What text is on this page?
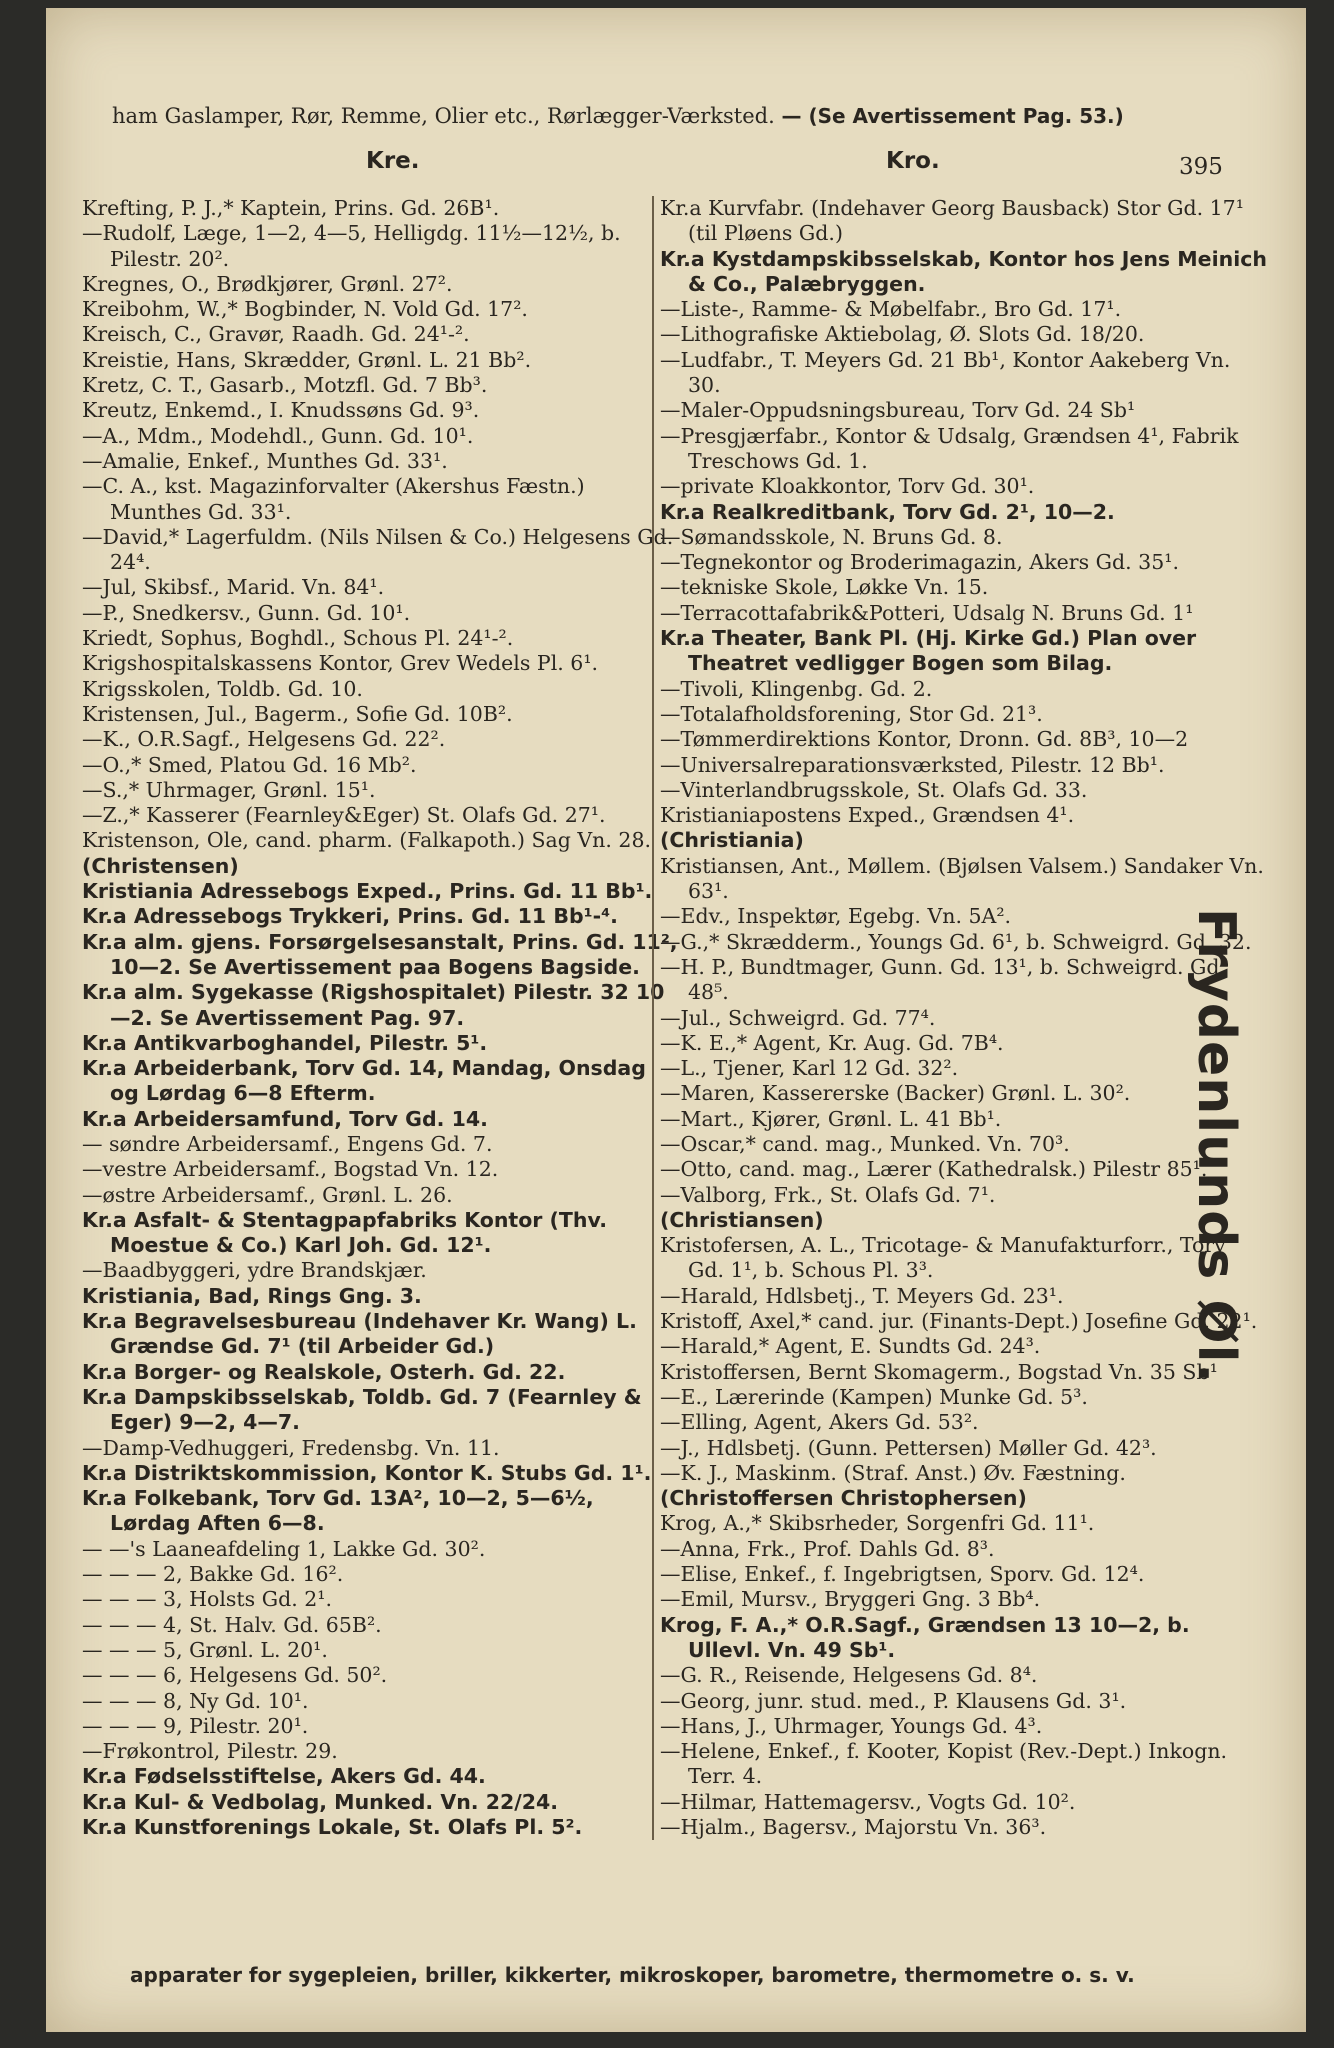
ham Gaslamper, Rør, Remme, Olier etc., Rørlægger-Værksted. — (Se Avertissement Pag. 53.)
Kre.	Kro.	395

Krefting, P. J.,* Kaptein, Prins. Gd. 26B¹.

—Rudolf, Læge, 1—2, 4—5, Helligdg. 11½—12½, b. Pilestr. 20².

Kregnes, O., Brødkjører, Grønl. 27².

Kreibohm, W.,* Bogbinder, N. Vold Gd. 17².

Kreisch, C., Gravør, Raadh. Gd. 24¹-².

Kreistie, Hans, Skrædder, Grønl. L. 21 Bb².

Kretz, C. T., Gasarb., Motzfl. Gd. 7 Bb³.

Kreutz, Enkemd., I. Knudssøns Gd. 9³.

—A., Mdm., Modehdl., Gunn. Gd. 10¹.

—Amalie, Enkef., Munthes Gd. 33¹.

—C. A., kst. Magazinforvalter (Akershus Fæstn.) Munthes Gd. 33¹.

—David,* Lagerfuldm. (Nils Nilsen & Co.) Helgesens Gd. 24⁴.

—Jul, Skibsf., Marid. Vn. 84¹.

—P., Snedkersv., Gunn. Gd. 10¹.

Kriedt, Sophus, Boghdl., Schous Pl. 24¹-².

Krigshospitalskassens Kontor, Grev Wedels Pl. 6¹.

Krigsskolen, Toldb. Gd. 10.

Kristensen, Jul., Bagerm., Sofie Gd. 10B².

—K., O.R.Sagf., Helgesens Gd. 22².

—O.,* Smed, Platou Gd. 16 Mb².

—S.,* Uhrmager, Grønl. 15¹.

—Z.,* Kasserer (Fearnley&Eger) St. Olafs Gd. 27¹.

Kristenson, Ole, cand. pharm. (Falkapoth.) Sag Vn. 28.

(Christensen)

Kristiania Adressebogs Exped., Prins. Gd. 11 Bb¹.

Kr.a Adressebogs Trykkeri, Prins. Gd. 11 Bb¹-⁴.

Kr.a alm. gjens. Forsørgelsesanstalt, Prins. Gd. 11², 10—2. Se Avertissement paa Bogens Bagside.

Kr.a alm. Sygekasse (Rigshospitalet) Pilestr. 32 10—2. Se Avertissement Pag. 97.

Kr.a Antikvarboghandel, Pilestr. 5¹.

Kr.a Arbeiderbank, Torv Gd. 14, Mandag, Onsdag og Lørdag 6—8 Efterm.

Kr.a Arbeidersamfund, Torv Gd. 14.

— søndre Arbeidersamf., Engens Gd. 7.

—vestre Arbeidersamf., Bogstad Vn. 12.

—østre Arbeidersamf., Grønl. L. 26.

Kr.a Asfalt- & Stentagpapfabriks Kontor (Thv. Moestue & Co.) Karl Joh. Gd. 12¹.

—Baadbyggeri, ydre Brandskjær.

Kristiania, Bad, Rings Gng. 3.

Kr.a Begravelsesbureau (Indehaver Kr. Wang) L. Grændse Gd. 7¹ (til Arbeider Gd.)

Kr.a Borger- og Realskole, Osterh. Gd. 22.

Kr.a Dampskibsselskab, Toldb. Gd. 7 (Fearnley & Eger) 9—2, 4—7.

—Damp-Vedhuggeri, Fredensbg. Vn. 11.

Kr.a Distriktskommission, Kontor K. Stubs Gd. 1¹.

Kr.a Folkebank, Torv Gd. 13A², 10—2, 5—6½, Lørdag Aften 6—8.

— —'s Laaneafdeling 1, Lakke Gd. 30².

— — — 2, Bakke Gd. 16².

— — — 3, Holsts Gd. 2¹.

— — — 4, St. Halv. Gd. 65B².

— — — 5, Grønl. L. 20¹.

— — — 6, Helgesens Gd. 50².

— — — 8, Ny Gd. 10¹.

— — — 9, Pilestr. 20¹.

—Frøkontrol, Pilestr. 29.

Kr.a Fødselsstiftelse, Akers Gd. 44.

Kr.a Kul- & Vedbolag, Munked. Vn. 22/24.

Kr.a Kunstforenings Lokale, St. Olafs Pl. 5².

Kr.a Kurvfabr. (Indehaver Georg Bausback) Stor Gd. 17¹ (til Pløens Gd.)

Kr.a Kystdampskibsselskab, Kontor hos Jens Meinich & Co., Palæbryggen.

—Liste-, Ramme- & Møbelfabr., Bro Gd. 17¹.

—Lithografiske Aktiebolag, Ø. Slots Gd. 18/20.

—Ludfabr., T. Meyers Gd. 21 Bb¹, Kontor Aakeberg Vn. 30.

—Maler-Oppudsningsbureau, Torv Gd. 24 Sb¹

—Presgjærfabr., Kontor & Udsalg, Grændsen 4¹, Fabrik Treschows Gd. 1.

—private Kloakkontor, Torv Gd. 30¹.

Kr.a Realkreditbank, Torv Gd. 2¹, 10—2.

—Sømandsskole, N. Bruns Gd. 8.

—Tegnekontor og Broderimagazin, Akers Gd. 35¹.

—tekniske Skole, Løkke Vn. 15.

—Terracottafabrik&Potteri, Udsalg N. Bruns Gd. 1¹

Kr.a Theater, Bank Pl. (Hj. Kirke Gd.) Plan over Theatret vedligger Bogen som Bilag.

—Tivoli, Klingenbg. Gd. 2.

—Totalafholdsforening, Stor Gd. 21³.

—Tømmerdirektions Kontor, Dronn. Gd. 8B³, 10—2

—Universalreparationsværksted, Pilestr. 12 Bb¹.

—Vinterlandbrugsskole, St. Olafs Gd. 33.

Kristianiapostens Exped., Grændsen 4¹.

(Christiania)

Kristiansen, Ant., Møllem. (Bjølsen Valsem.) Sandaker Vn. 63¹.

—Edv., Inspektør, Egebg. Vn. 5A².

—G.,* Skrædderm., Youngs Gd. 6¹, b. Schweigrd. Gd. 32.

—H. P., Bundtmager, Gunn. Gd. 13¹, b. Schweigrd. Gd. 48⁵.

—Jul., Schweigrd. Gd. 77⁴.

—K. E.,* Agent, Kr. Aug. Gd. 7B⁴.

—L., Tjener, Karl 12 Gd. 32².

—Maren, Kassererske (Backer) Grønl. L. 30².

—Mart., Kjører, Grønl. L. 41 Bb¹.

—Oscar,* cand. mag., Munked. Vn. 70³.

—Otto, cand. mag., Lærer (Kathedralsk.) Pilestr 85¹.

—Valborg, Frk., St. Olafs Gd. 7¹.

(Christiansen)

Kristofersen, A. L., Tricotage- & Manufakturforr., Torv Gd. 1¹, b. Schous Pl. 3³.

—Harald, Hdlsbetj., T. Meyers Gd. 23¹.

Kristoff, Axel,* cand. jur. (Finants-Dept.) Josefine Gd. 22¹.

—Harald,* Agent, E. Sundts Gd. 24³.

Kristoffersen, Bernt Skomagerm., Bogstad Vn. 35 Sb¹

—E., Lærerinde (Kampen) Munke Gd. 5³.

—Elling, Agent, Akers Gd. 53².

—J., Hdlsbetj. (Gunn. Pettersen) Møller Gd. 42³.

—K. J., Maskinm. (Straf. Anst.) Øv. Fæstning.

(Christoffersen Christophersen)

Krog, A.,* Skibsrheder, Sorgenfri Gd. 11¹.

—Anna, Frk., Prof. Dahls Gd. 8³.

—Elise, Enkef., f. Ingebrigtsen, Sporv. Gd. 12⁴.

—Emil, Mursv., Bryggeri Gng. 3 Bb⁴.

Krog, F. A.,* O.R.Sagf., Grændsen 13 10—2, b. Ullevl. Vn. 49 Sb¹.

—G. R., Reisende, Helgesens Gd. 8⁴.

—Georg, junr. stud. med., P. Klausens Gd. 3¹.

—Hans, J., Uhrmager, Youngs Gd. 4³.

—Helene, Enkef., f. Kooter, Kopist (Rev.-Dept.) Inkogn. Terr. 4.

—Hilmar, Hattemagersv., Vogts Gd. 10².

—Hjalm., Bagersv., Majorstu Vn. 36³.

Frydenlunds Øl.
apparater for sygepleien, briller, kikkerter, mikroskoper, barometre, thermometre o. s. v.
